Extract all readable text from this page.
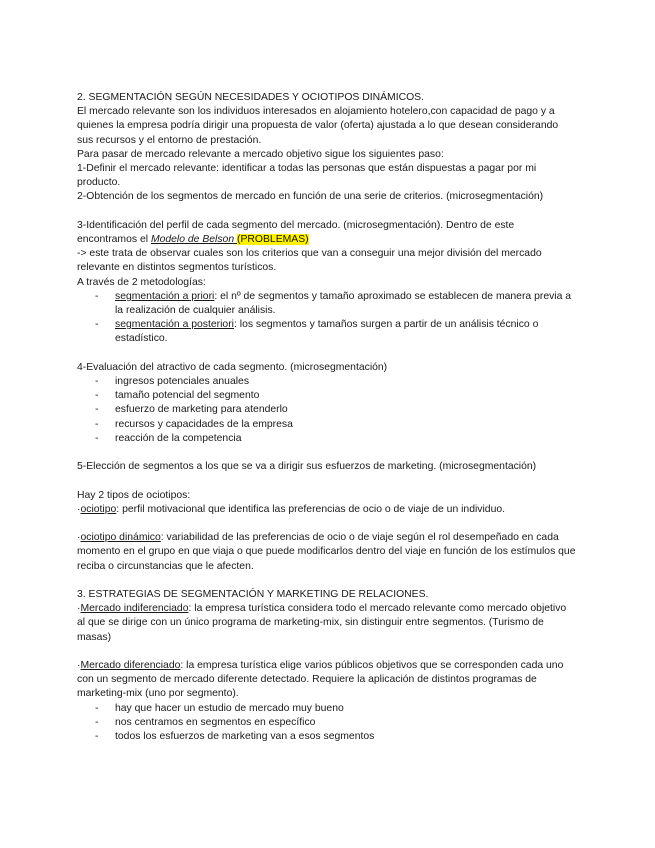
2. SEGMENTACIÓN SEGÚN NECESIDADES Y OCIOTIPOS DINÁMICOS.

El mercado relevante son los individuos interesados en alojamiento hotelero,con capacidad de pago y a quienes la empresa podría dirigir una propuesta de valor (oferta) ajustada a lo que desean considerando sus recursos y el entorno de prestación.

Para pasar de mercado relevante a mercado objetivo sigue los siguientes paso:

1-Definir el mercado relevante: identificar a todas las personas que están dispuestas a pagar por mi producto.

2-Obtención de los segmentos de mercado en función de una serie de criterios. (microsegmentación)

3-Identificación del perfil de cada segmento del mercado. (microsegmentación). Dentro de este encontramos el Modelo de Belson (PROBLEMAS)

-> este trata de observar cuales son los criterios que van a conseguir una mejor división del mercado relevante en distintos segmentos turísticos.

A través de 2 metodologías:

- segmentación a priori: el nº de segmentos y tamaño aproximado se establecen de manera previa a la realización de cualquier análisis.
- segmentación a posteriori: los segmentos y tamaños surgen a partir de un análisis técnico o estadístico.

4-Evaluación del atractivo de cada segmento. (microsegmentación)

- ingresos potenciales anuales
- tamaño potencial del segmento
- esfuerzo de marketing para atenderlo
- recursos y capacidades de la empresa
- reacción de la competencia

5-Elección de segmentos a los que se va a dirigir sus esfuerzos de marketing. (microsegmentación)

Hay 2 tipos de ociotipos:

·ociotipo: perfil motivacional que identifica las preferencias de ocio o de viaje de un individuo.

·ociotipo dinámico: variabilidad de las preferencias de ocio o de viaje según el rol desempeñado en cada momento en el grupo en que viaja o que puede modificarlos dentro del viaje en función de los estímulos que reciba o circunstancias que le afecten.

3. ESTRATEGIAS DE SEGMENTACIÓN Y MARKETING DE RELACIONES.

·Mercado indiferenciado: la empresa turística considera todo el mercado relevante como mercado objetivo al que se dirige con un único programa de marketing-mix, sin distinguir entre segmentos. (Turismo de masas)

·Mercado diferenciado: la empresa turística elige varios públicos objetivos que se corresponden cada uno con un segmento de mercado diferente detectado. Requiere la aplicación de distintos programas de marketing-mix (uno por segmento).

- hay que hacer un estudio de mercado muy bueno
- nos centramos en segmentos en específico
- todos los esfuerzos de marketing van a esos segmentos
